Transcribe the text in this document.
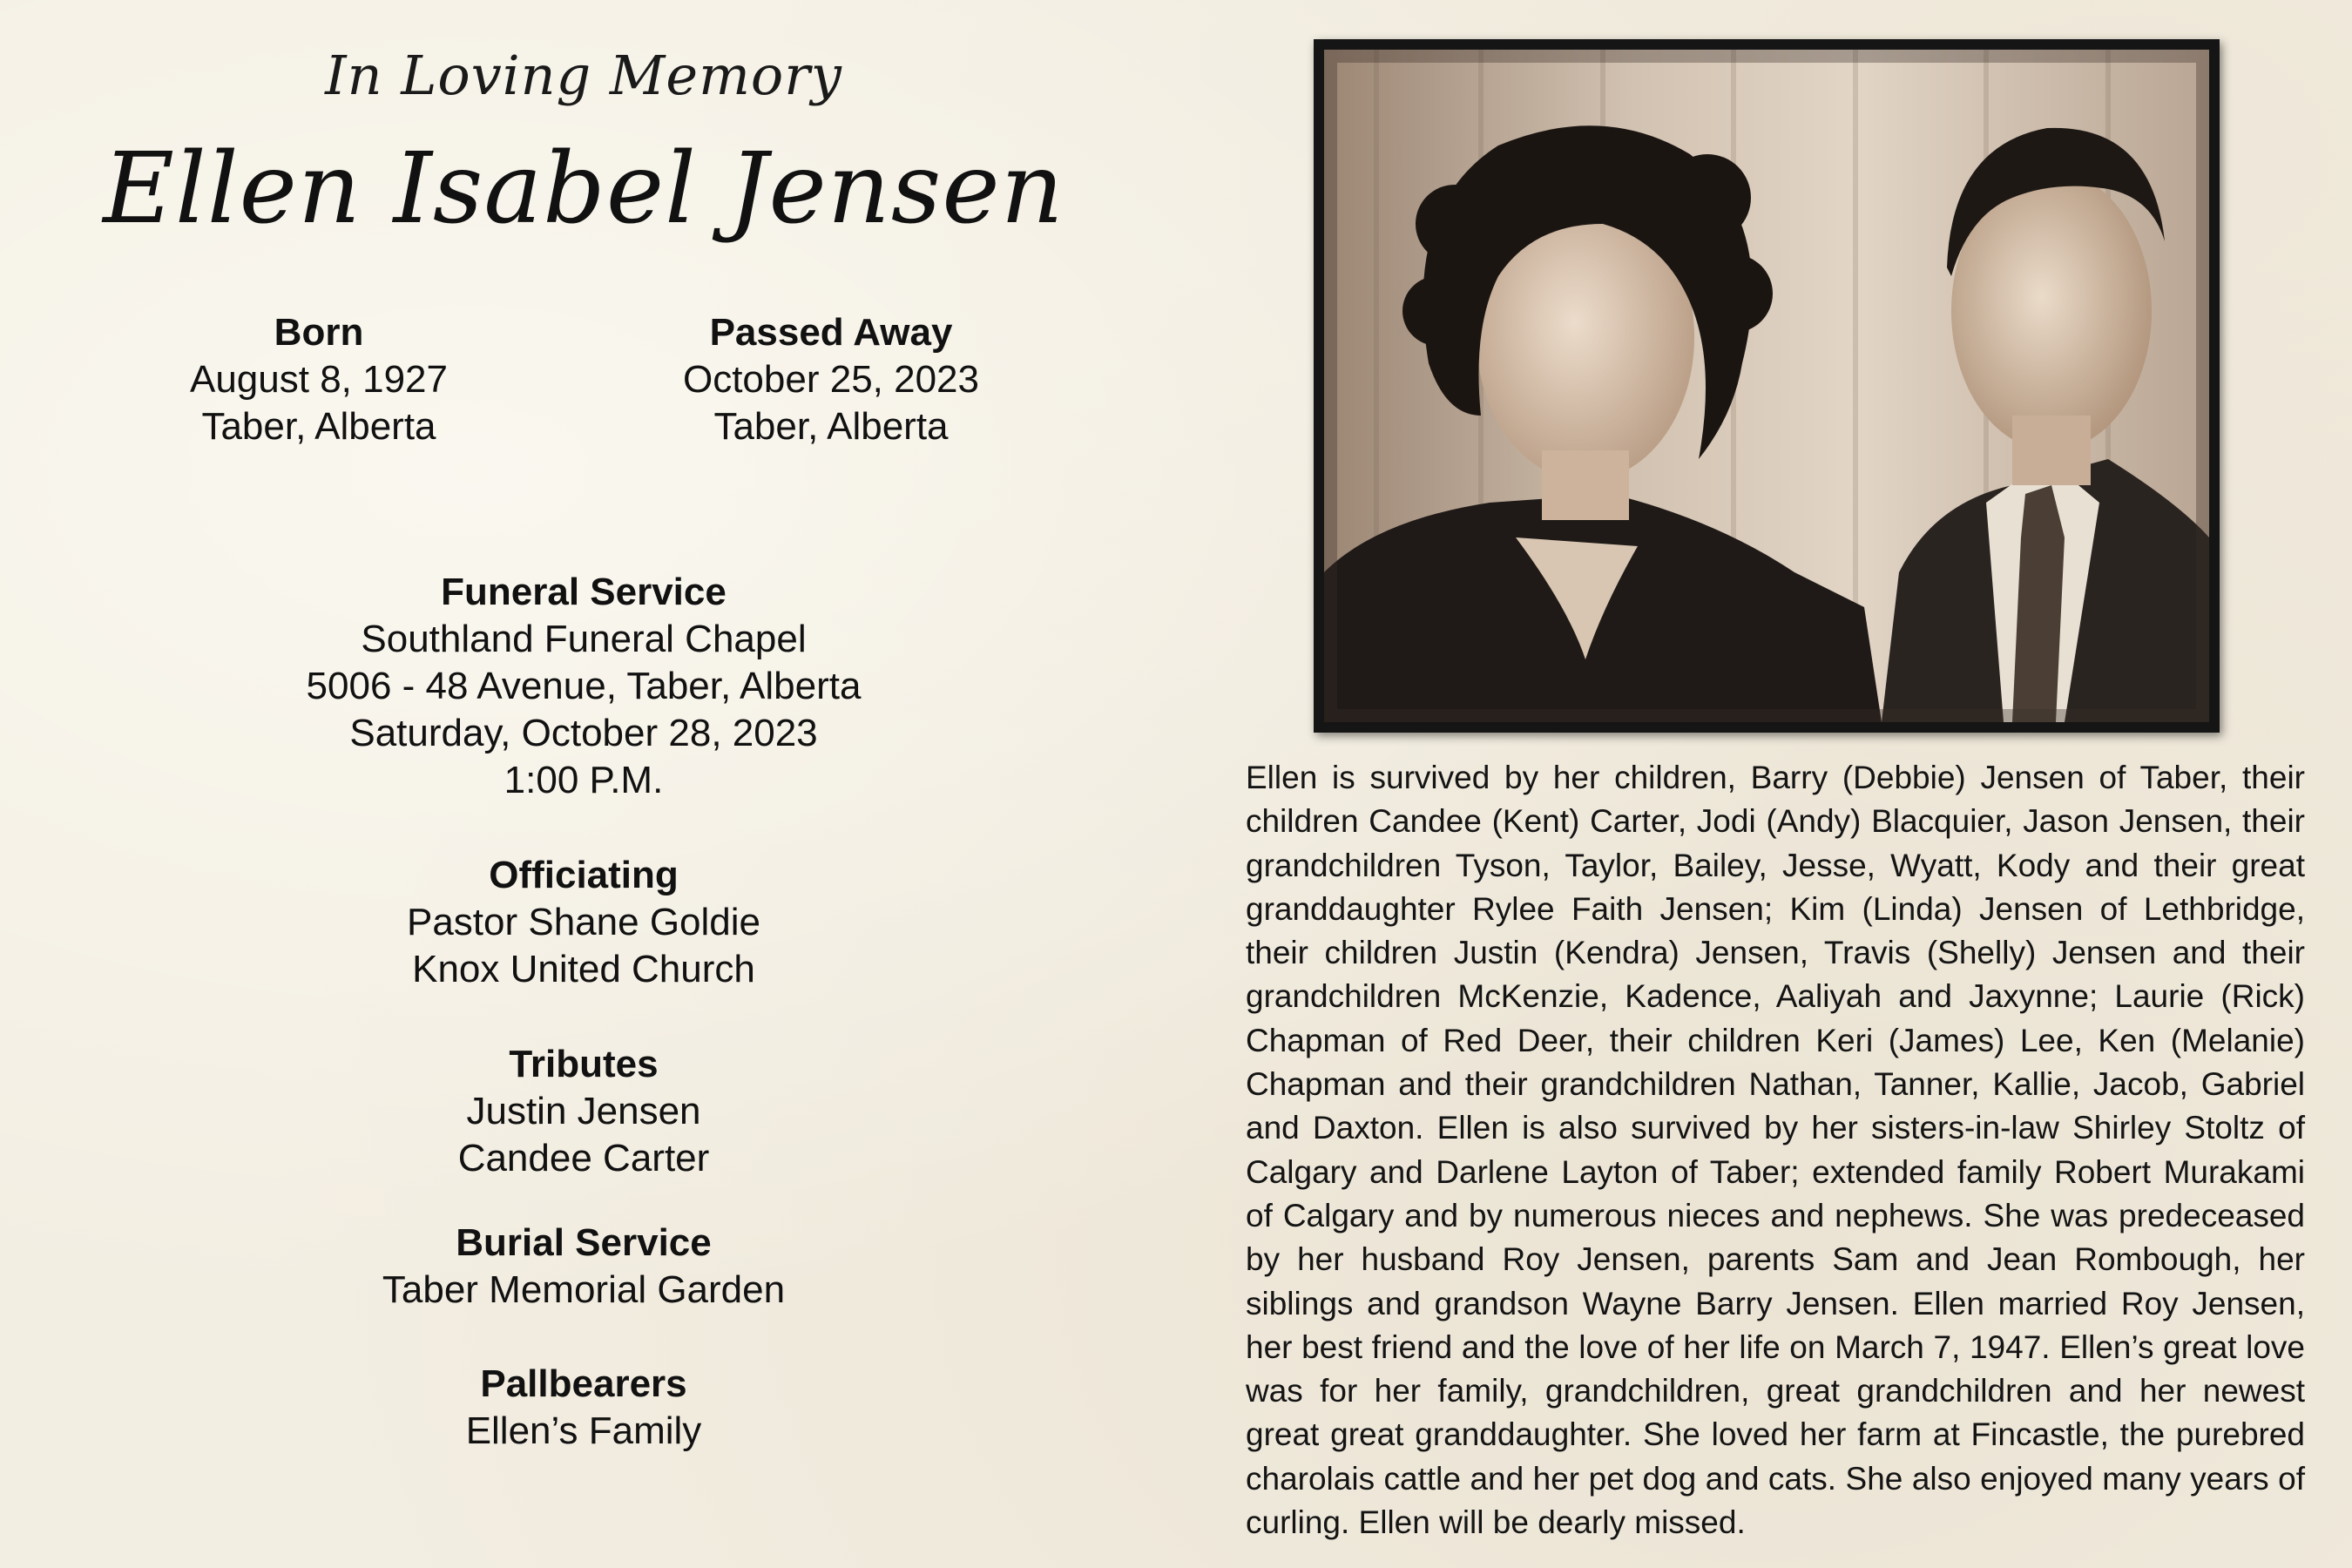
In Loving Memory
Ellen Isabel Jensen
Born
August 8, 1927
Taber, Alberta
Passed Away
October 25, 2023
Taber, Alberta
Funeral Service
Southland Funeral Chapel
5006 - 48 Avenue, Taber, Alberta
Saturday, October 28, 2023
1:00 P.M.
Officiating
Pastor Shane Goldie
Knox United Church
Tributes
Justin Jensen
Candee Carter
Burial Service
Taber Memorial Garden
Pallbearers
Ellen’s Family
Ellen is survived by her children, Barry (Debbie) Jensen of Taber, their children Candee (Kent) Carter, Jodi (Andy) Blacquier, Jason Jensen, their grandchildren Tyson, Taylor, Bailey, Jesse, Wyatt, Kody and their great granddaughter Rylee Faith Jensen; Kim (Linda) Jensen of Lethbridge, their children Justin (Kendra) Jensen, Travis (Shelly) Jensen and their grandchildren McKenzie, Kadence, Aaliyah and Jaxynne; Laurie (Rick) Chapman of Red Deer, their children Keri (James) Lee, Ken (Melanie) Chapman and their grandchildren Nathan, Tanner, Kallie, Jacob, Gabriel and Daxton. Ellen is also survived by her sisters-in-law Shirley Stoltz of Calgary and Darlene Layton of Taber; extended family Robert Murakami of Calgary and by numerous nieces and nephews. She was predeceased by her husband Roy Jensen, parents Sam and Jean Rombough, her siblings and grandson Wayne Barry Jensen. Ellen married Roy Jensen, her best friend and the love of her life on March 7, 1947. Ellen’s great love was for her family, grandchildren, great grandchildren and her newest great great granddaughter. She loved her farm at Fincastle, the purebred charolais cattle and her pet dog and cats. She also enjoyed many years of curling. Ellen will be dearly missed.
